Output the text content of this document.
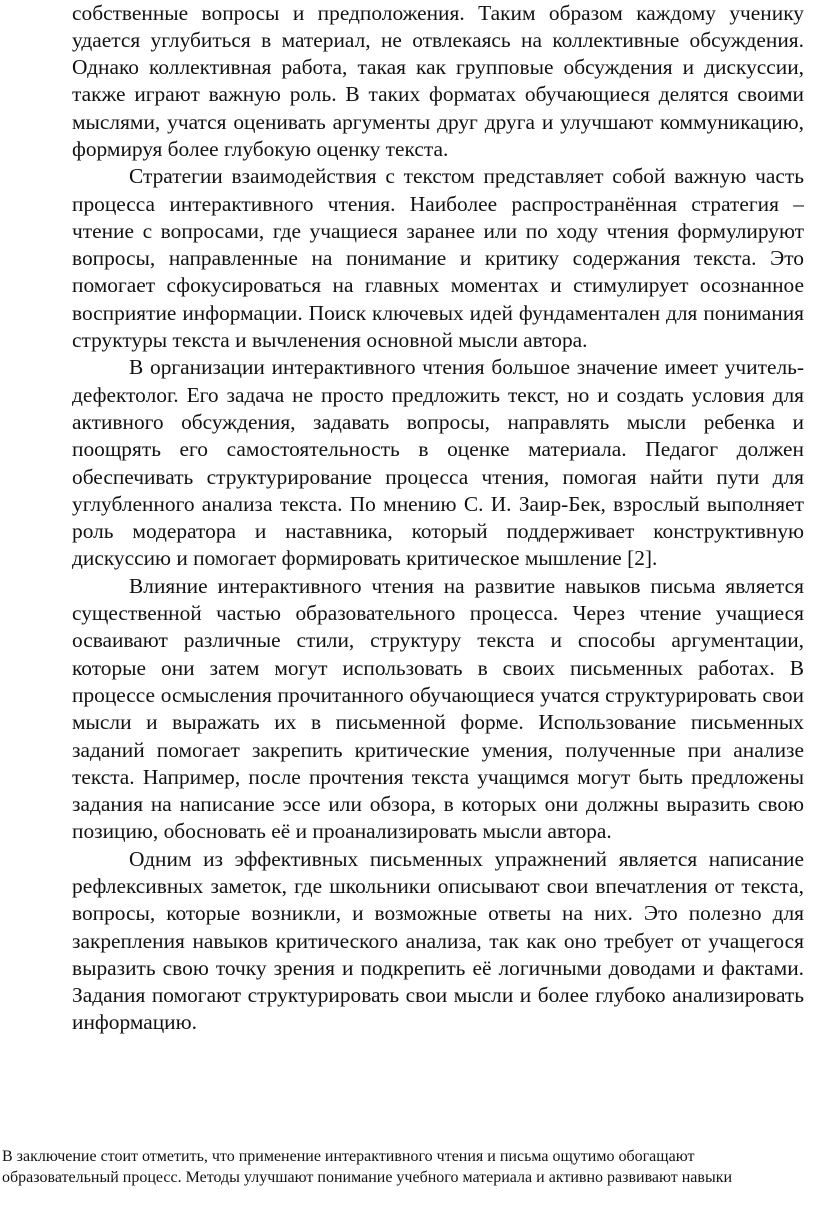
собственные вопросы и предположения. Таким образом каждому ученику удается углубиться в материал, не отвлекаясь на коллективные обсуждения. Однако коллективная работа, такая как групповые обсуждения и дискуссии, также играют важную роль. В таких форматах обучающиеся делятся своими мыслями, учатся оценивать аргументы друг друга и улучшают коммуникацию, формируя более глубокую оценку текста.

Стратегии взаимодействия с текстом представляет собой важную часть процесса интерактивного чтения. Наиболее распространённая стратегия – чтение с вопросами, где учащиеся заранее или по ходу чтения формулируют вопросы, направленные на понимание и критику содержания текста. Это помогает сфокусироваться на главных моментах и стимулирует осознанное восприятие информации. Поиск ключевых идей фундаментален для понимания структуры текста и вычленения основной мысли автора.

В организации интерактивного чтения большое значение имеет учитель-дефектолог. Его задача не просто предложить текст, но и создать условия для активного обсуждения, задавать вопросы, направлять мысли ребенка и поощрять его самостоятельность в оценке материала. Педагог должен обеспечивать структурирование процесса чтения, помогая найти пути для углубленного анализа текста. По мнению С. И. Заир-Бек, взрослый выполняет роль модератора и наставника, который поддерживает конструктивную дискуссию и помогает формировать критическое мышление [2].

Влияние интерактивного чтения на развитие навыков письма является существенной частью образовательного процесса. Через чтение учащиеся осваивают различные стили, структуру текста и способы аргументации, которые они затем могут использовать в своих письменных работах. В процессе осмысления прочитанного обучающиеся учатся структурировать свои мысли и выражать их в письменной форме. Использование письменных заданий помогает закрепить критические умения, полученные при анализе текста. Например, после прочтения текста учащимся могут быть предложены задания на написание эссе или обзора, в которых они должны выразить свою позицию, обосновать её и проанализировать мысли автора.

Одним из эффективных письменных упражнений является написание рефлексивных заметок, где школьники описывают свои впечатления от текста, вопросы, которые возникли, и возможные ответы на них. Это полезно для закрепления навыков критического анализа, так как оно требует от учащегося выразить свою точку зрения и подкрепить её логичными доводами и фактами. Задания помогают структурировать свои мысли и более глубоко анализировать информацию.

В заключение стоит отметить, что применение интерактивного чтения и письма ощутимо обогащают образовательный процесс. Методы улучшают понимание учебного материала и активно развивают навыки
